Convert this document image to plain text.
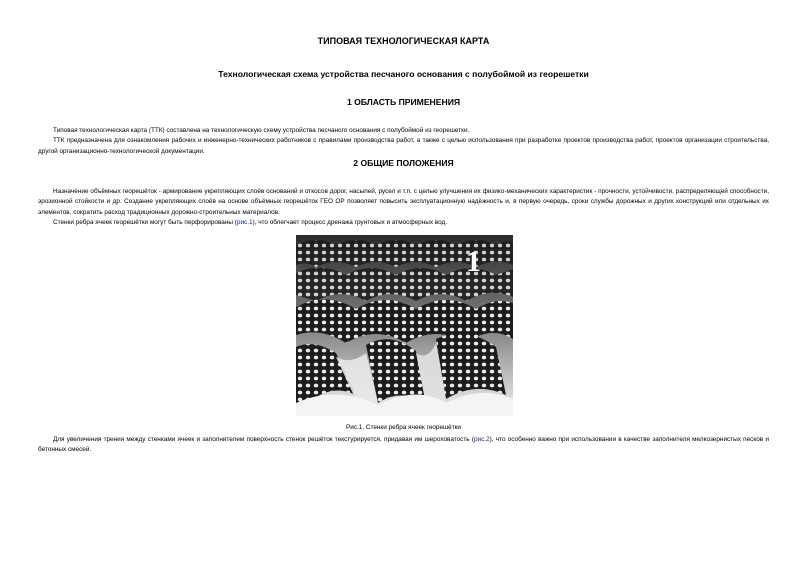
ТИПОВАЯ ТЕХНОЛОГИЧЕСКАЯ КАРТА
Технологическая схема устройства песчаного основания с полубоймой из георешетки
1 ОБЛАСТЬ ПРИМЕНЕНИЯ

Типовая технологическая карта (ТТК) составлена на технологическую схему устройства песчаного основания с полубоймой из георешетки.

ТТК предназначена для ознакомления рабочих и инженерно-технических работников с правилами производства работ, а также с целью использования при разработке проектов производства работ, проектов организации строительства, другой организационно-технологической документации.

2 ОБЩИЕ ПОЛОЖЕНИЯ

Назначение объёмных георешёток - армирование укрепляющих слоёв оснований и откосов дорог, насыпей, русел и т.п. с целью улучшения их физико-механических характеристик - прочности, устойчивости, распределяющей способности, эрозионной стойкости и др. Создание укрепляющих слоёв на основе объёмных георешёток ГЕО ОР позволяет повысить эксплуатационную надёжность и, в первую очередь, сроки службы дорожных и других конструкций или отдельных их элементов, сократить расход традиционных дорожно-строительных материалов.

Стенки ребра ячеек георешётки могут быть перфорированы (рис.1), что облегчает процесс дренажа грунтовых и атмосферных вод.

1
Рис.1. Стенки ребра ячеек георешётки

Для увеличения трения между стенками ячеек и заполнителем поверхность стенок решёток текстурируется, придавая им шероховатость (рис.2), что особенно важно при использовании в качестве заполнителя мелкозернистых песков и бетонных смесей.
